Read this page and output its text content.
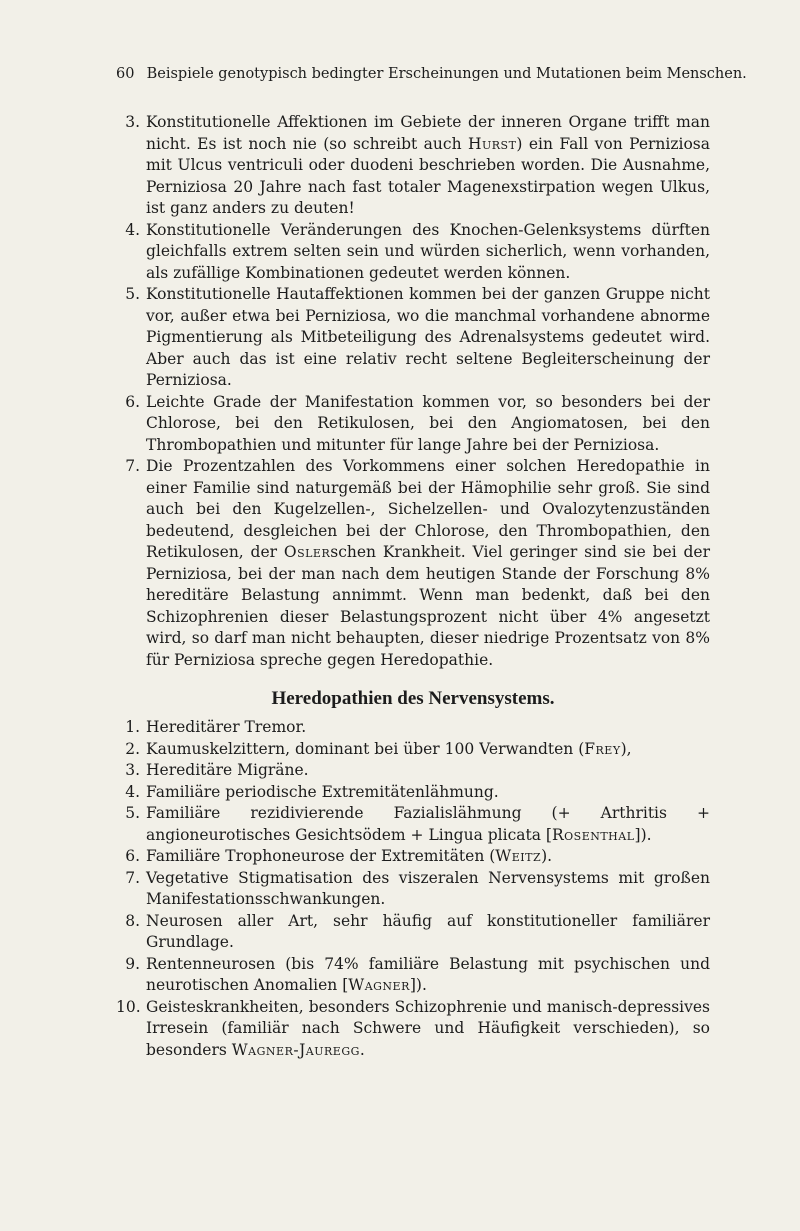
60 Beispiele genotypisch bedingter Erscheinungen und Mutationen beim Menschen.
3. Konstitutionelle Affektionen im Gebiete der inneren Organe trifft man nicht. Es ist noch nie (so schreibt auch Hurst) ein Fall von Perniziosa mit Ulcus ventriculi oder duodeni beschrieben worden. Die Ausnahme, Perniziosa 20 Jahre nach fast totaler Magenexstirpation wegen Ulkus, ist ganz anders zu deuten!
4. Konstitutionelle Veränderungen des Knochen-Gelenksystems dürften gleichfalls extrem selten sein und würden sicherlich, wenn vorhanden, als zufällige Kombinationen gedeutet werden können.
5. Konstitutionelle Hautaffektionen kommen bei der ganzen Gruppe nicht vor, außer etwa bei Perniziosa, wo die manchmal vorhandene abnorme Pigmentierung als Mitbeteiligung des Adrenalsystems gedeutet wird. Aber auch das ist eine relativ recht seltene Begleiterscheinung der Perniziosa.
6. Leichte Grade der Manifestation kommen vor, so besonders bei der Chlorose, bei den Retikulosen, bei den Angiomatosen, bei den Thrombopathien und mitunter für lange Jahre bei der Perniziosa.
7. Die Prozentzahlen des Vorkommens einer solchen Heredopathie in einer Familie sind naturgemäß bei der Hämophilie sehr groß. Sie sind auch bei den Kugelzellen-, Sichelzellen- und Ovalozytenzuständen bedeutend, desgleichen bei der Chlorose, den Thrombopathien, den Retikulosen, der Oslerschen Krankheit. Viel geringer sind sie bei der Perniziosa, bei der man nach dem heutigen Stande der Forschung 8% hereditäre Belastung annimmt. Wenn man bedenkt, daß bei den Schizophrenien dieser Belastungsprozent nicht über 4% angesetzt wird, so darf man nicht behaupten, dieser niedrige Prozentsatz von 8% für Perniziosa spreche gegen Heredopathie.
Heredopathien des Nervensystems.
1. Hereditärer Tremor.
2. Kaumuskelzittern, dominant bei über 100 Verwandten (Frey),
3. Hereditäre Migräne.
4. Familiäre periodische Extremitätenlähmung.
5. Familiäre rezidivierende Fazialislähmung (+ Arthritis + angioneurotisches Gesichtsödem + Lingua plicata [Rosenthal]).
6. Familiäre Trophoneurose der Extremitäten (Weitz).
7. Vegetative Stigmatisation des viszeralen Nervensystems mit großen Manifestationsschwankungen.
8. Neurosen aller Art, sehr häufig auf konstitutioneller familiärer Grundlage.
9. Rentenneurosen (bis 74% familiäre Belastung mit psychischen und neurotischen Anomalien [Wagner]).
10. Geisteskrankheiten, besonders Schizophrenie und manisch-depressives Irresein (familiär nach Schwere und Häufigkeit verschieden), so besonders Wagner-Jauregg.
